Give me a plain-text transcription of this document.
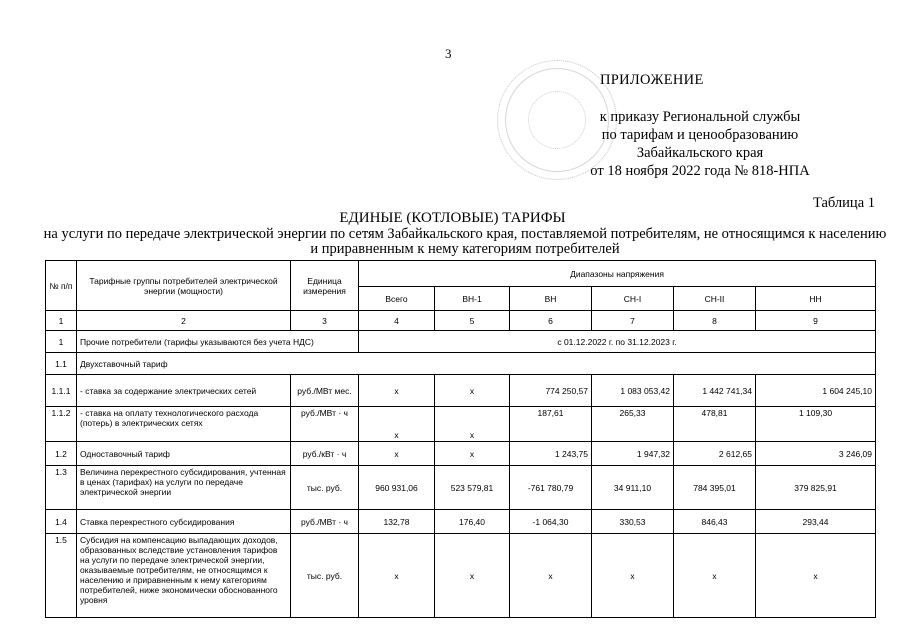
3
ПРИЛОЖЕНИЕ
к приказу Региональной службы
по тарифам и ценообразованию
Забайкальского края
от 18 ноября 2022 года № 818-НПА
Таблица 1
ЕДИНЫЕ (КОТЛОВЫЕ) ТАРИФЫ
на услуги по передаче электрической энергии по сетям Забайкальского края, поставляемой потребителям, не относящимся к населению и приравненным к нему категориям потребителей
№ п/п	Тарифные группы потребителей электрической энергии (мощности)	Единица измерения	Диапазоны напряжения					
			Всего	ВН-1	ВН	СН-I	СН-II	НН
1	2	3	4	5	6	7	8	9
1	Прочие потребители (тарифы указываются без учета НДС)		с 01.12.2022 г. по 31.12.2023 г.					
1.1	Двухставочный тариф							
1.1.1	- ставка за содержание электрических сетей	руб./МВт мес.	х	х	774 250,57	1 083 053,42	1 442 741,34	1 604 245,10
1.1.2	- ставка на оплату технологического расхода (потерь) в электрических сетях	руб./МВт · ч	х	х	187,61	265,33	478,81	1 109,30
1.2	Одноставочный тариф	руб./кВт · ч	х	х	1 243,75	1 947,32	2 612,65	3 246,09
1.3	Величина перекрестного субсидирования, учтенная в ценах (тарифах) на услуги по передаче электрической энергии	тыс. руб.	960 931,06	523 579,81	-761 780,79	34 911,10	784 395,01	379 825,91
1.4	Ставка перекрестного субсидирования	руб./МВт · ч	132,78	176,40	-1 064,30	330,53	846,43	293,44
1.5	Субсидия на компенсацию выпадающих доходов, образованных вследствие установления тарифов на услуги по передаче электрической энергии, оказываемые потребителям, не относящимся к населению и приравненным к нему категориям потребителей, ниже экономически обоснованного уровня	тыс. руб.	х	х	х	х	х	х
